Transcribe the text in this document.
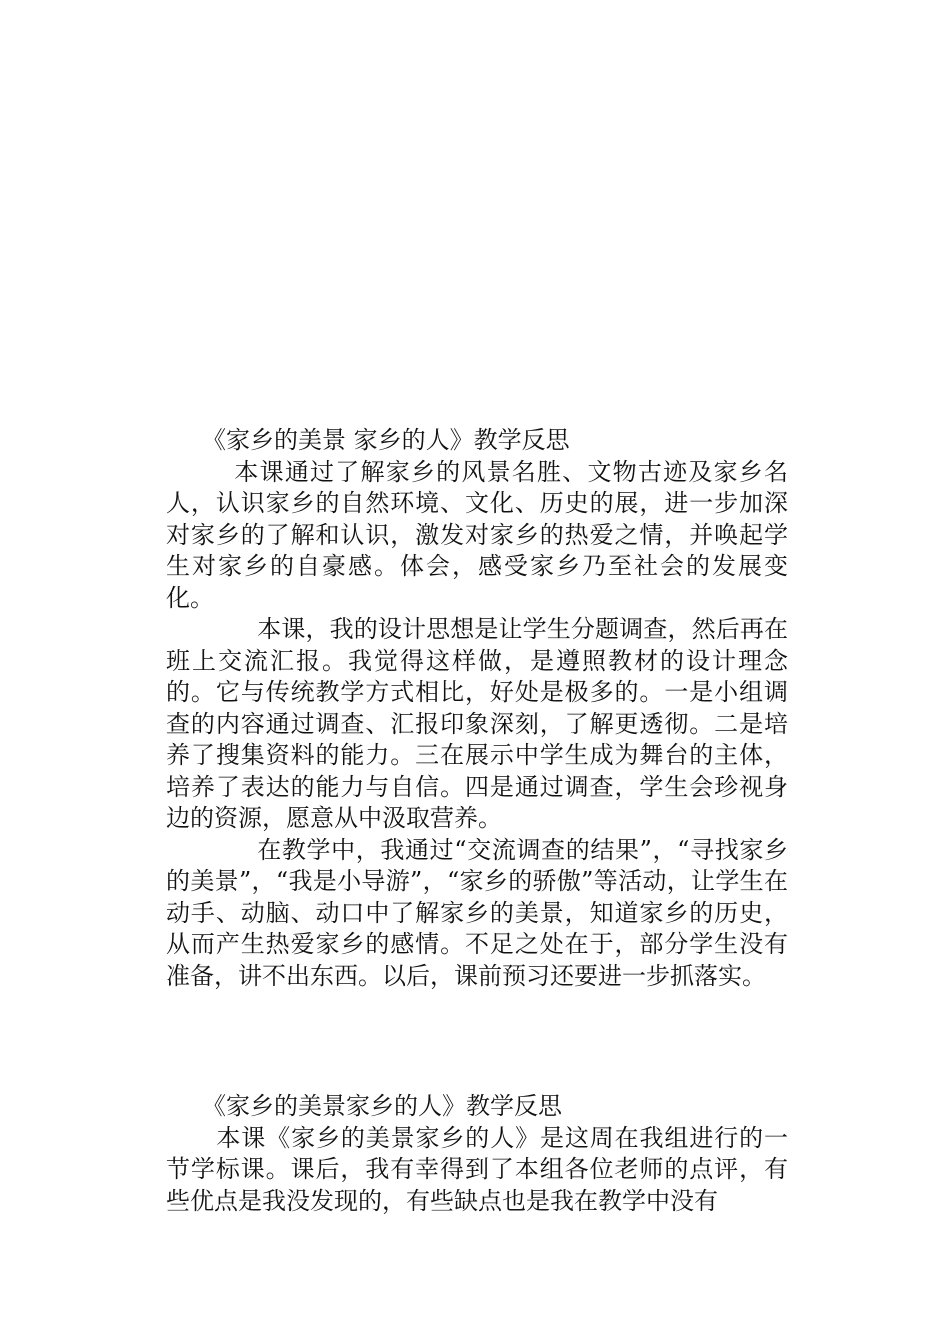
《家乡的美景 家乡的人》教学反思

本课通过了解家乡的风景名胜、文物古迹及家乡名人，认识家乡的自然环境、文化、历史的展，进一步加深对家乡的了解和认识，激发对家乡的热爱之情，并唤起学生对家乡的自豪感。体会，感受家乡乃至社会的发展变化。

本课，我的设计思想是让学生分题调查，然后再在班上交流汇报。我觉得这样做，是遵照教材的设计理念的。它与传统教学方式相比，好处是极多的。一是小组调查的内容通过调查、汇报印象深刻，了解更透彻。二是培养了搜集资料的能力。三在展示中学生成为舞台的主体，培养了表达的能力与自信。四是通过调查，学生会珍视身边的资源，愿意从中汲取营养。

在教学中，我通过“交流调查的结果”，“寻找家乡的美景”，“我是小导游”，“家乡的骄傲”等活动，让学生在动手、动脑、动口中了解家乡的美景，知道家乡的历史，从而产生热爱家乡的感情。不足之处在于，部分学生没有准备，讲不出东西。以后，课前预习还要进一步抓落实。

《家乡的美景家乡的人》教学反思

本课《家乡的美景家乡的人》是这周在我组进行的一节学标课。课后，我有幸得到了本组各位老师的点评，有些优点是我没发现的，有些缺点也是我在教学中没有
